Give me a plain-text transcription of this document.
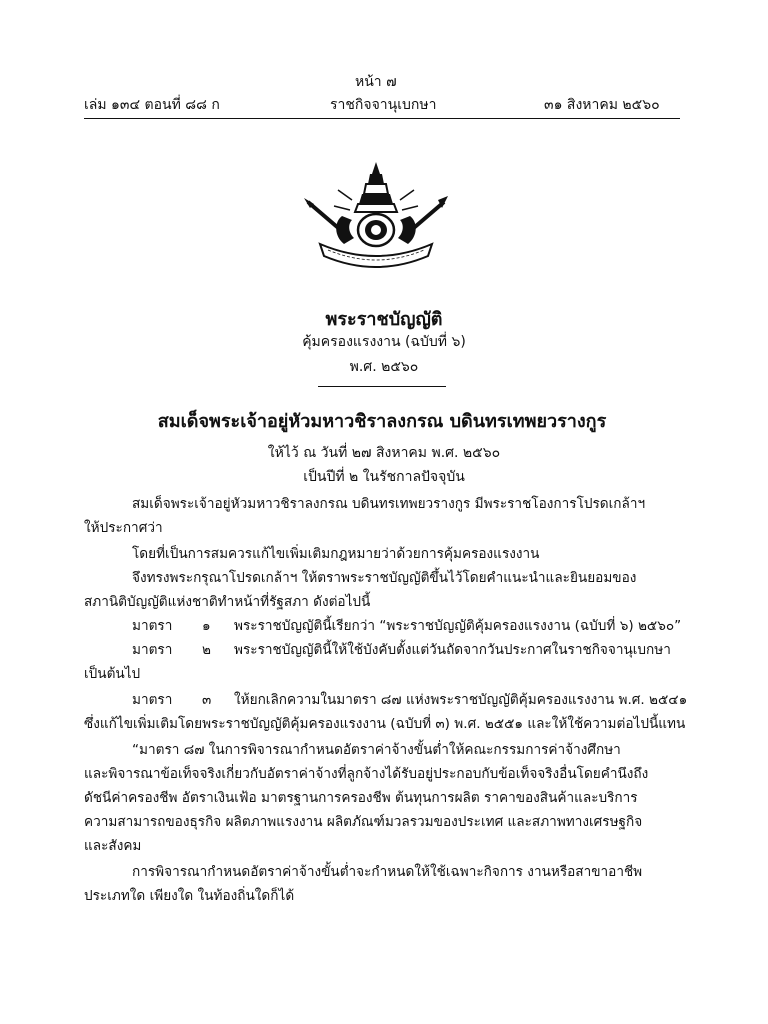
หน้า ๗
เล่ม ๑๓๔ ตอนที่ ๘๘ ก	ราชกิจจานุเบกษา	๓๑ สิงหาคม ๒๕๖๐
พระราชบัญญัติ
คุ้มครองแรงงาน (ฉบับที่ ๖)
พ.ศ. ๒๕๖๐
สมเด็จพระเจ้าอยู่หัวมหาวชิราลงกรณ บดินทรเทพยวรางกูร
ให้ไว้ ณ วันที่ ๒๗ สิงหาคม พ.ศ. ๒๕๖๐
เป็นปีที่ ๒ ในรัชกาลปัจจุบัน
สมเด็จพระเจ้าอยู่หัวมหาวชิราลงกรณ บดินทรเทพยวรางกูร มีพระราชโองการโปรดเกล้าฯ
ให้ประกาศว่า
โดยที่เป็นการสมควรแก้ไขเพิ่มเติมกฎหมายว่าด้วยการคุ้มครองแรงงาน
จึงทรงพระกรุณาโปรดเกล้าฯ ให้ตราพระราชบัญญัติขึ้นไว้โดยคำแนะนำและยินยอมของ
สภานิติบัญญัติแห่งชาติทำหน้าที่รัฐสภา ดังต่อไปนี้
มาตรา ๑ พระราชบัญญัตินี้เรียกว่า “พระราชบัญญัติคุ้มครองแรงงาน (ฉบับที่ ๖) ๒๕๖๐”
มาตรา ๒ พระราชบัญญัตินี้ให้ใช้บังคับตั้งแต่วันถัดจากวันประกาศในราชกิจจานุเบกษา
เป็นต้นไป
มาตรา ๓ ให้ยกเลิกความในมาตรา ๘๗ แห่งพระราชบัญญัติคุ้มครองแรงงาน พ.ศ. ๒๕๔๑
ซึ่งแก้ไขเพิ่มเติมโดยพระราชบัญญัติคุ้มครองแรงงาน (ฉบับที่ ๓) พ.ศ. ๒๕๕๑ และให้ใช้ความต่อไปนี้แทน
“มาตรา ๘๗ ในการพิจารณากำหนดอัตราค่าจ้างขั้นต่ำให้คณะกรรมการค่าจ้างศึกษา
และพิจารณาข้อเท็จจริงเกี่ยวกับอัตราค่าจ้างที่ลูกจ้างได้รับอยู่ประกอบกับข้อเท็จจริงอื่นโดยคำนึงถึง
ดัชนีค่าครองชีพ อัตราเงินเฟ้อ มาตรฐานการครองชีพ ต้นทุนการผลิต ราคาของสินค้าและบริการ
ความสามารถของธุรกิจ ผลิตภาพแรงงาน ผลิตภัณฑ์มวลรวมของประเทศ และสภาพทางเศรษฐกิจ
และสังคม
การพิจารณากำหนดอัตราค่าจ้างขั้นต่ำจะกำหนดให้ใช้เฉพาะกิจการ งานหรือสาขาอาชีพ
ประเภทใด เพียงใด ในท้องถิ่นใดก็ได้
